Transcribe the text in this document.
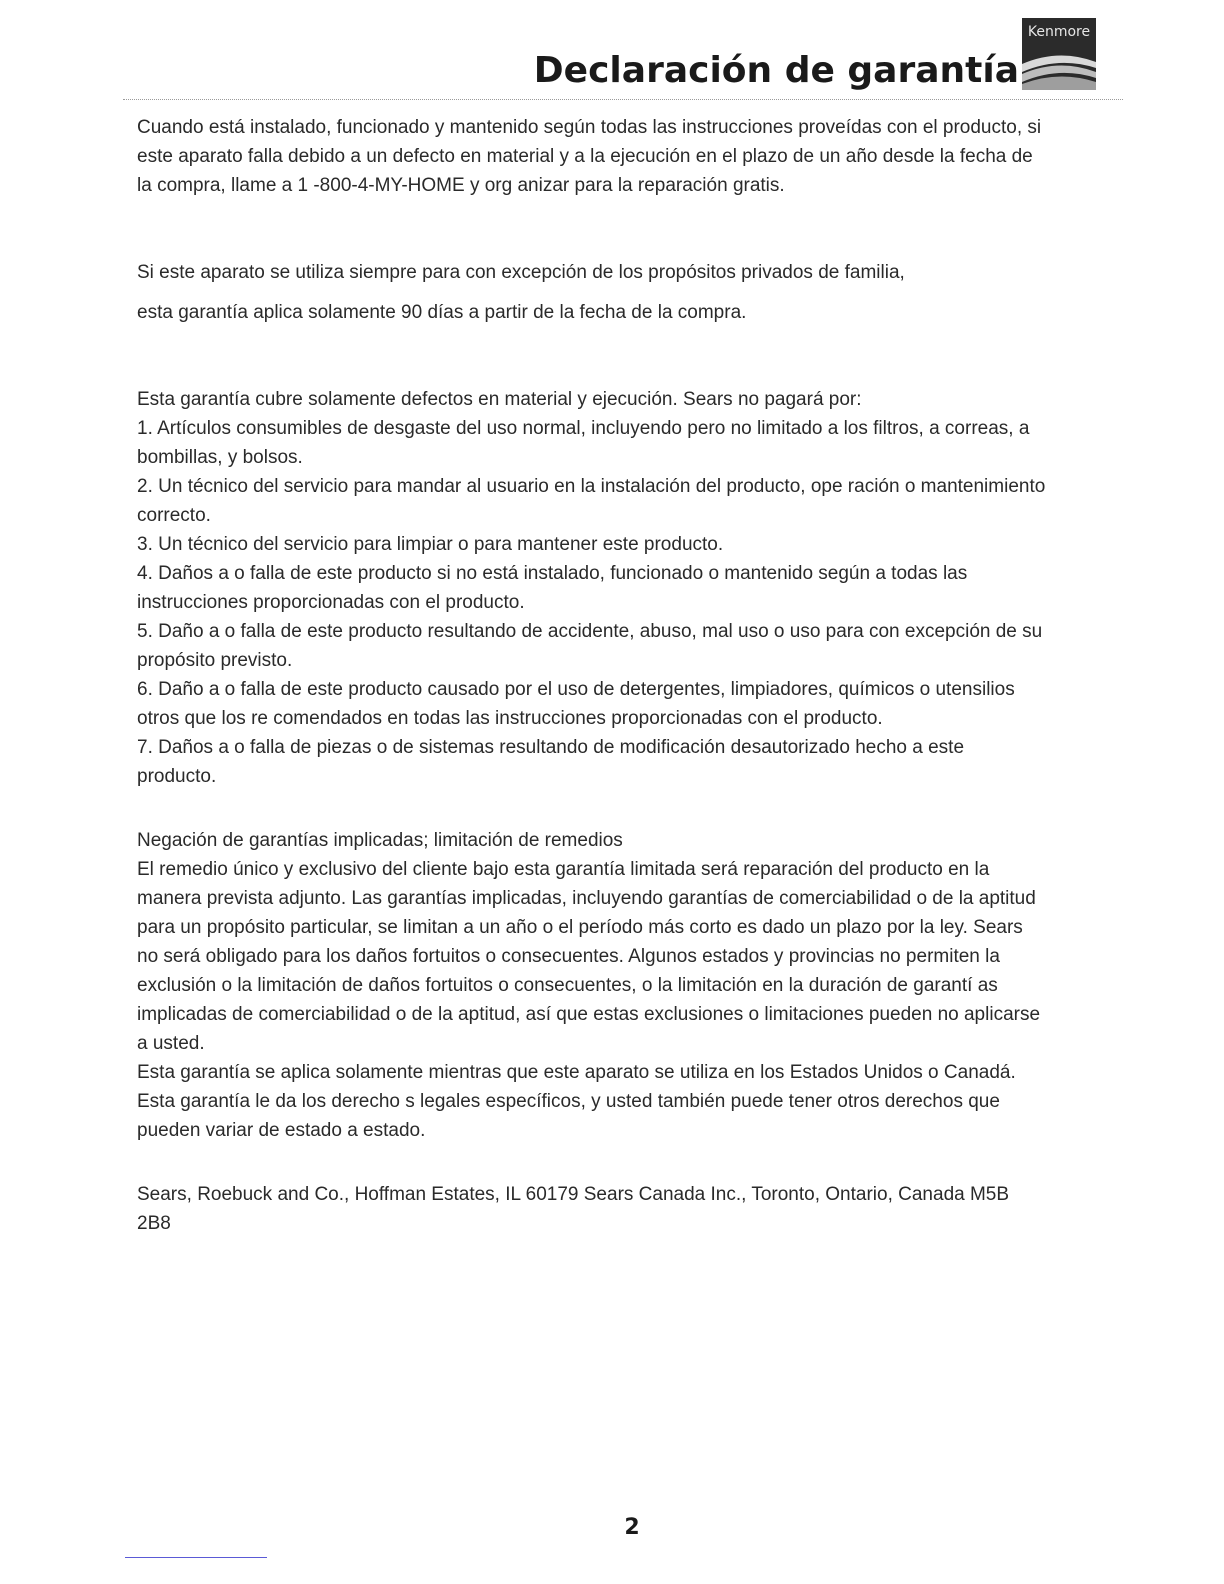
Declaración de garantía
Kenmore

Cuando está instalado, funcionado y mantenido según todas las instrucciones proveídas con el producto, si este aparato falla debido a un defecto en material y a la ejecución en el plazo de un año desde la fecha de la compra, llame a 1 -800-4-MY-HOME y org anizar para la reparación gratis.

Si este aparato se utiliza siempre para con excepción de los propósitos privados de familia,

esta garantía aplica solamente 90 días a partir de la fecha de la compra.

Esta garantía cubre solamente defectos en material y ejecución. Sears no pagará por:

1. Artículos consumibles de desgaste del uso normal, incluyendo pero no limitado a los filtros, a correas, a bombillas, y bolsos.
2. Un técnico del servicio para mandar al usuario en la instalación del producto, ope ración o mantenimiento correcto.
3. Un técnico del servicio para limpiar o para mantener este producto.
4. Daños a o falla de este producto si no está instalado, funcionado o mantenido según a todas las instrucciones proporcionadas con el producto.
5. Daño a o falla de este producto resultando de accidente, abuso, mal uso o uso para con excepción de su propósito previsto.
6. Daño a o falla de este producto causado por el uso de detergentes, limpiadores, químicos o utensilios otros que los re comendados en todas las instrucciones proporcionadas con el producto.
7. Daños a o falla de piezas o de sistemas resultando de modificación desautorizado hecho a este producto.

Negación de garantías implicadas; limitación de remedios

El remedio único y exclusivo del cliente bajo esta garantía limitada será reparación del producto en la manera prevista adjunto. Las garantías implicadas, incluyendo garantías de comerciabilidad o de la aptitud para un propósito particular, se limitan a un año o el período más corto es dado un plazo por la ley. Sears no será obligado para los daños fortuitos o consecuentes. Algunos estados y provincias no permiten la exclusión o la limitación de daños fortuitos o consecuentes, o la limitación en la duración de garantí as implicadas de comerciabilidad o de la aptitud, así que estas exclusiones o limitaciones pueden no aplicarse a usted.

Esta garantía se aplica solamente mientras que este aparato se utiliza en los Estados Unidos o Canadá. Esta garantía le da los derecho s legales específicos, y usted también puede tener otros derechos que pueden variar de estado a estado.

Sears, Roebuck and Co., Hoffman Estates, IL 60179 Sears Canada Inc., Toronto, Ontario, Canada M5B 2B8

2
